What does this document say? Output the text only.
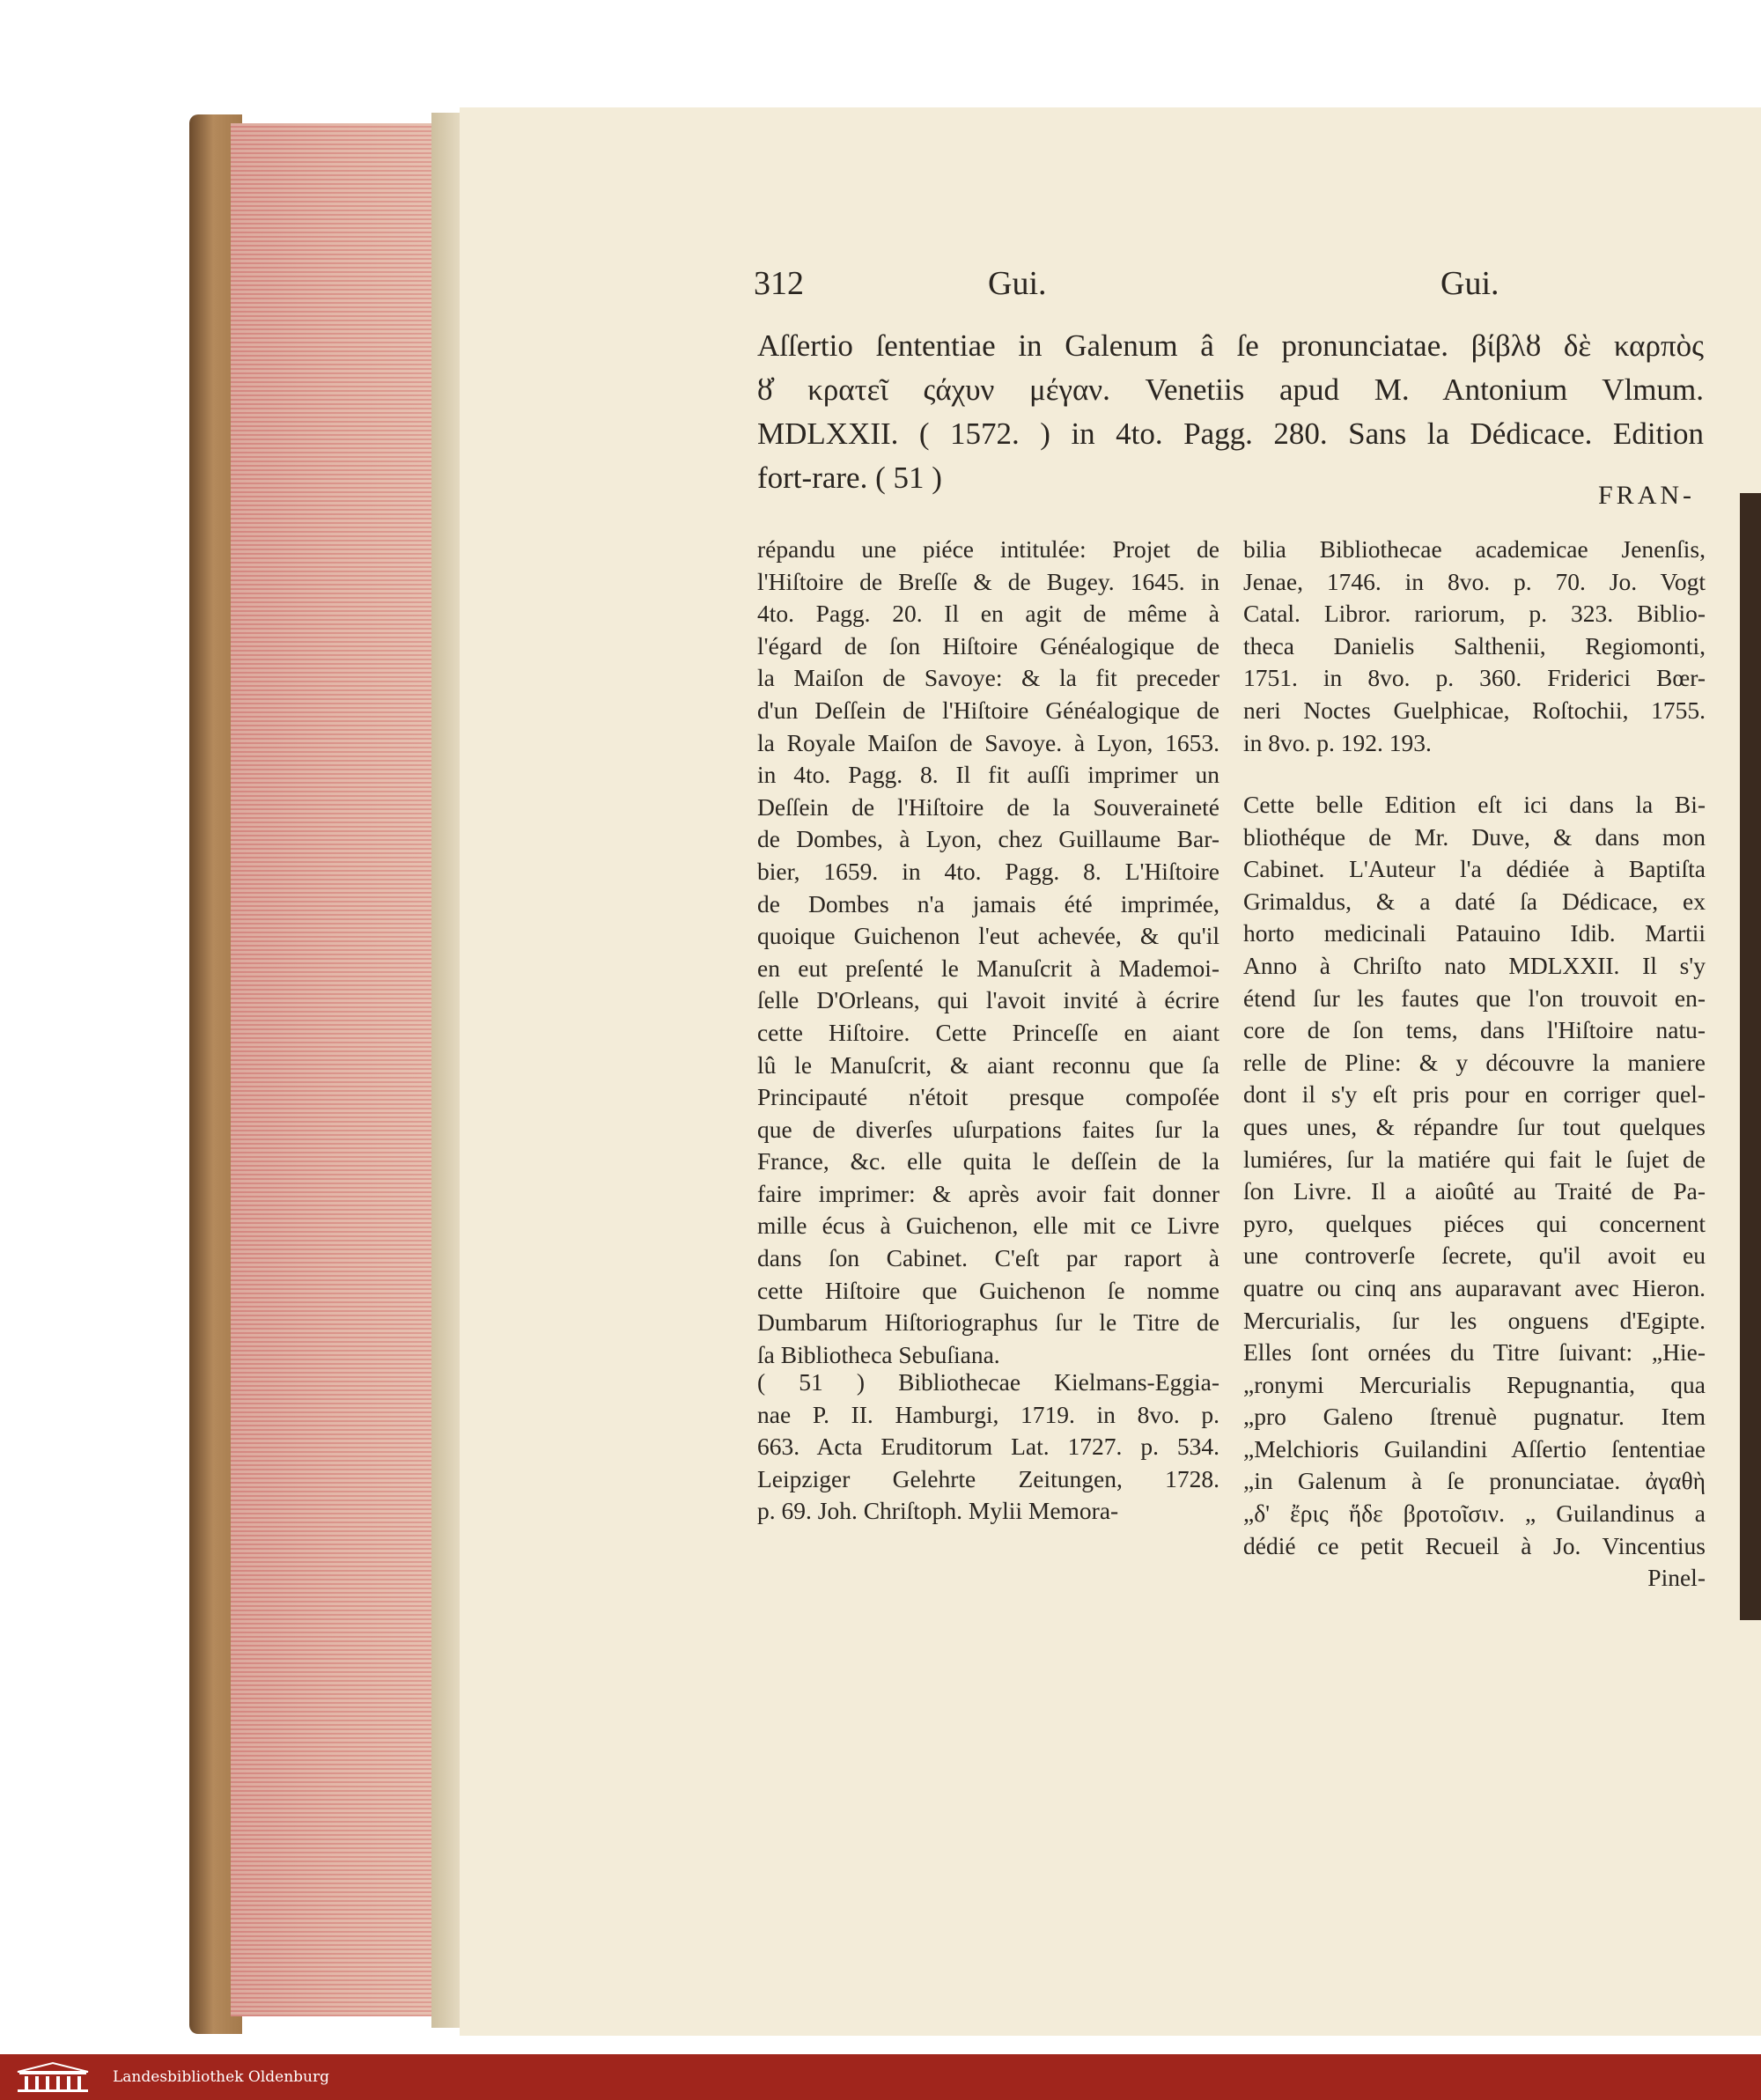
312	Gui.	Gui.
Aſſertio ſententiae in Galenum â ſe pronunciatae. βίβλȣ δὲ καρπὸς
ȣ̓ κρατεῖ ςάχυν μέγαν. Venetiis apud M. Antonium Vlmum.
MDLXXII. ( 1572. ) in 4to. Pagg. 280. Sans la Dédicace. Edition
fort-rare. ( 51 )
FRAN-
répandu une piéce intitulée: Projet de
l'Hiſtoire de Breſſe & de Bugey. 1645. in
4to. Pagg. 20. Il en agit de même à
l'égard de ſon Hiſtoire Généalogique de
la Maiſon de Savoye: & la fit preceder
d'un Deſſein de l'Hiſtoire Généalogique de
la Royale Maiſon de Savoye. à Lyon, 1653.
in 4to. Pagg. 8. Il fit auſſi imprimer un
Deſſein de l'Hiſtoire de la Souveraineté
de Dombes, à Lyon, chez Guillaume Bar-
bier, 1659. in 4to. Pagg. 8. L'Hiſtoire
de Dombes n'a jamais été imprimée,
quoique Guichenon l'eut achevée, & qu'il
en eut preſenté le Manuſcrit à Mademoi-
ſelle D'Orleans, qui l'avoit invité à écrire
cette Hiſtoire. Cette Princeſſe en aiant
lû le Manuſcrit, & aiant reconnu que ſa
Principauté n'étoit presque compoſée
que de diverſes uſurpations faites ſur la
France, &c. elle quita le deſſein de la
faire imprimer: & après avoir fait donner
mille écus à Guichenon, elle mit ce Livre
dans ſon Cabinet. C'eſt par raport à
cette Hiſtoire que Guichenon ſe nomme
Dumbarum Hiſtoriographus ſur le Titre de
ſa Bibliotheca Sebuſiana.
( 51 ) Bibliothecae Kielmans-Eggia-
nae P. II. Hamburgi, 1719. in 8vo. p.
663. Acta Eruditorum Lat. 1727. p. 534.
Leipziger Gelehrte Zeitungen, 1728.
p. 69. Joh. Chriſtoph. Mylii Memora-
bilia Bibliothecae academicae Jenenſis,
Jenae, 1746. in 8vo. p. 70. Jo. Vogt
Catal. Libror. rariorum, p. 323. Biblio-
theca Danielis Salthenii, Regiomonti,
1751. in 8vo. p. 360. Friderici Bœr-
neri Noctes Guelphicae, Roſtochii, 1755.
in 8vo. p. 192. 193.
Cette belle Edition eſt ici dans la Bi-
bliothéque de Mr. Duve, & dans mon
Cabinet. L'Auteur l'a dédiée à Baptiſta
Grimaldus, & a daté ſa Dédicace, ex
horto medicinali Patauino Idib. Martii
Anno à Chriſto nato MDLXXII. Il s'y
étend ſur les fautes que l'on trouvoit en-
core de ſon tems, dans l'Hiſtoire natu-
relle de Pline: & y découvre la maniere
dont il s'y eſt pris pour en corriger quel-
ques unes, & répandre ſur tout quelques
lumiéres, ſur la matiére qui fait le ſujet de
ſon Livre. Il a aioûté au Traité de Pa-
pyro, quelques piéces qui concernent
une controverſe ſecrete, qu'il avoit eu
quatre ou cinq ans auparavant avec Hieron.
Mercurialis, ſur les onguens d'Egipte.
Elles ſont ornées du Titre ſuivant: „Hie-
„ronymi Mercurialis Repugnantia, qua
„pro Galeno ſtrenuè pugnatur. Item
„Melchioris Guilandini Aſſertio ſententiae
„in Galenum à ſe pronunciatae. ἀγαθὴ
„δ' ἔρις ἥδε βροτοῖσιν. „ Guilandinus a
dédié ce petit Recueil à Jo. Vincentius
Pinel-
Landesbibliothek Oldenburg
